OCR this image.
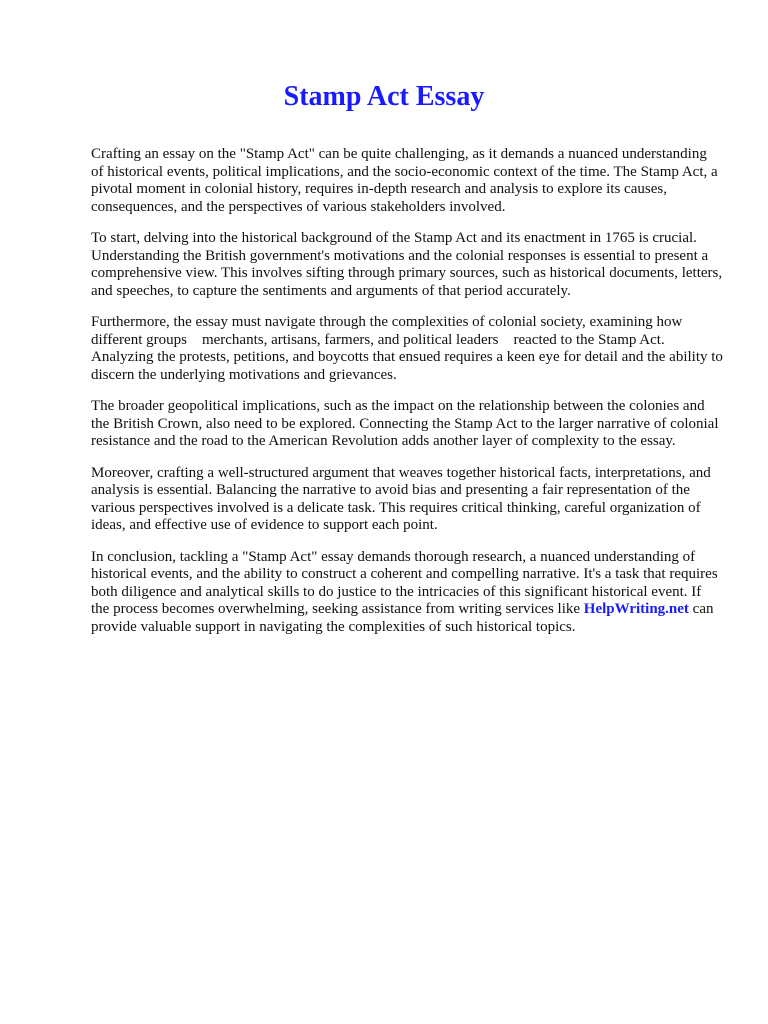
Stamp Act Essay

Crafting an essay on the "Stamp Act" can be quite challenging, as it demands a nuanced understanding of historical events, political implications, and the socio-economic context of the time. The Stamp Act, a pivotal moment in colonial history, requires in-depth research and analysis to explore its causes, consequences, and the perspectives of various stakeholders involved.

To start, delving into the historical background of the Stamp Act and its enactment in 1765 is crucial. Understanding the British government's motivations and the colonial responses is essential to present a comprehensive view. This involves sifting through primary sources, such as historical documents, letters, and speeches, to capture the sentiments and arguments of that period accurately.

Furthermore, the essay must navigate through the complexities of colonial society, examining how different groups    merchants, artisans, farmers, and political leaders    reacted to the Stamp Act. Analyzing the protests, petitions, and boycotts that ensued requires a keen eye for detail and the ability to discern the underlying motivations and grievances.

The broader geopolitical implications, such as the impact on the relationship between the colonies and the British Crown, also need to be explored. Connecting the Stamp Act to the larger narrative of colonial resistance and the road to the American Revolution adds another layer of complexity to the essay.

Moreover, crafting a well-structured argument that weaves together historical facts, interpretations, and analysis is essential. Balancing the narrative to avoid bias and presenting a fair representation of the various perspectives involved is a delicate task. This requires critical thinking, careful organization of ideas, and effective use of evidence to support each point.

In conclusion, tackling a "Stamp Act" essay demands thorough research, a nuanced understanding of historical events, and the ability to construct a coherent and compelling narrative. It's a task that requires both diligence and analytical skills to do justice to the intricacies of this significant historical event. If the process becomes overwhelming, seeking assistance from writing services like HelpWriting.net can provide valuable support in navigating the complexities of such historical topics.
